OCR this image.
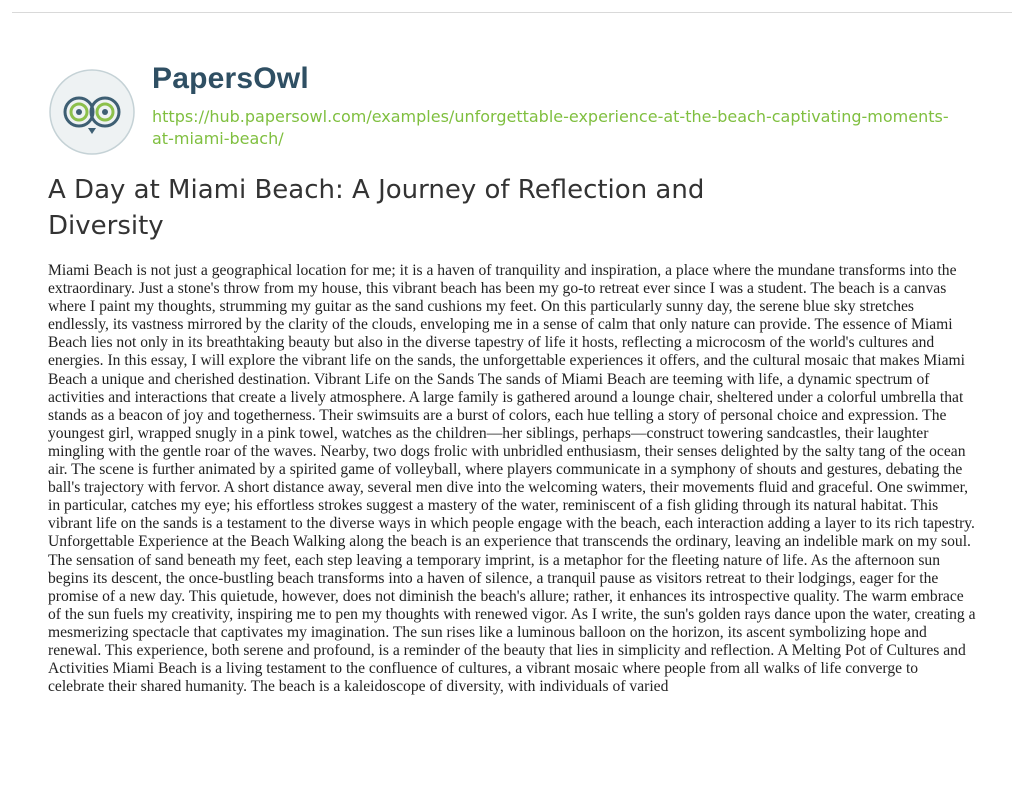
PapersOwl
https://hub.papersowl.com/examples/unforgettable-experience-at-the-beach-captivating-moments-at-miami-beach/
A Day at Miami Beach: A Journey of Reflection and Diversity

Miami Beach is not just a geographical location for me; it is a haven of tranquility and inspiration, a place where the mundane transforms into the extraordinary. Just a stone's throw from my house, this vibrant beach has been my go-to retreat ever since I was a student. The beach is a canvas where I paint my thoughts, strumming my guitar as the sand cushions my feet. On this particularly sunny day, the serene blue sky stretches endlessly, its vastness mirrored by the clarity of the clouds, enveloping me in a sense of calm that only nature can provide. The essence of Miami Beach lies not only in its breathtaking beauty but also in the diverse tapestry of life it hosts, reflecting a microcosm of the world's cultures and energies. In this essay, I will explore the vibrant life on the sands, the unforgettable experiences it offers, and the cultural mosaic that makes Miami Beach a unique and cherished destination. Vibrant Life on the Sands The sands of Miami Beach are teeming with life, a dynamic spectrum of activities and interactions that create a lively atmosphere. A large family is gathered around a lounge chair, sheltered under a colorful umbrella that stands as a beacon of joy and togetherness. Their swimsuits are a burst of colors, each hue telling a story of personal choice and expression. The youngest girl, wrapped snugly in a pink towel, watches as the children—her siblings, perhaps—construct towering sandcastles, their laughter mingling with the gentle roar of the waves. Nearby, two dogs frolic with unbridled enthusiasm, their senses delighted by the salty tang of the ocean air. The scene is further animated by a spirited game of volleyball, where players communicate in a symphony of shouts and gestures, debating the ball's trajectory with fervor. A short distance away, several men dive into the welcoming waters, their movements fluid and graceful. One swimmer, in particular, catches my eye; his effortless strokes suggest a mastery of the water, reminiscent of a fish gliding through its natural habitat. This vibrant life on the sands is a testament to the diverse ways in which people engage with the beach, each interaction adding a layer to its rich tapestry. Unforgettable Experience at the Beach Walking along the beach is an experience that transcends the ordinary, leaving an indelible mark on my soul. The sensation of sand beneath my feet, each step leaving a temporary imprint, is a metaphor for the fleeting nature of life. As the afternoon sun begins its descent, the once-bustling beach transforms into a haven of silence, a tranquil pause as visitors retreat to their lodgings, eager for the promise of a new day. This quietude, however, does not diminish the beach's allure; rather, it enhances its introspective quality. The warm embrace of the sun fuels my creativity, inspiring me to pen my thoughts with renewed vigor. As I write, the sun's golden rays dance upon the water, creating a mesmerizing spectacle that captivates my imagination. The sun rises like a luminous balloon on the horizon, its ascent symbolizing hope and renewal. This experience, both serene and profound, is a reminder of the beauty that lies in simplicity and reflection. A Melting Pot of Cultures and Activities Miami Beach is a living testament to the confluence of cultures, a vibrant mosaic where people from all walks of life converge to celebrate their shared humanity. The beach is a kaleidoscope of diversity, with individuals of varied
